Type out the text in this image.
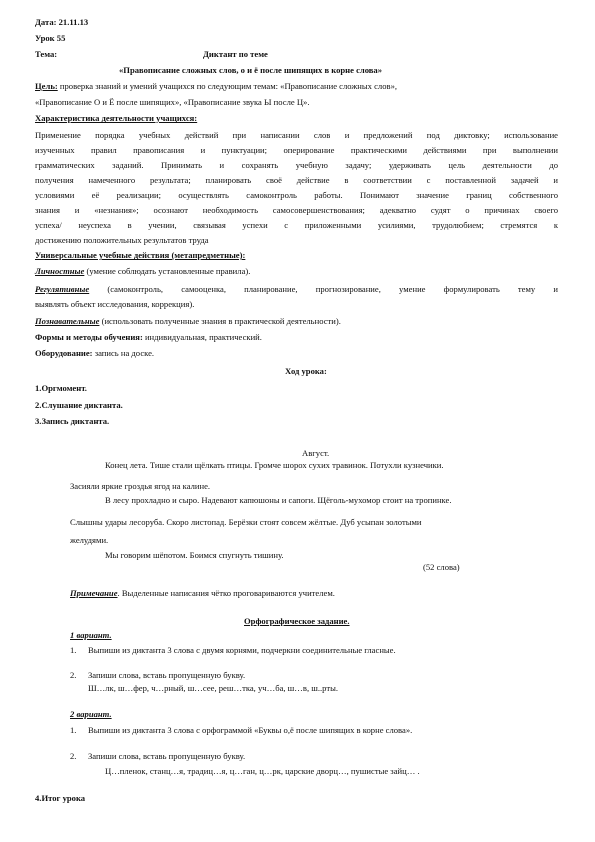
Дата: 21.11.13
Урок 55
Тема:	Диктант по теме
«Правописание сложных слов, о и ё после шипящих в корне слова»
Цель: проверка знаний и умений учащихся по следующим темам: «Правописание сложных слов»,
«Правописание О и Ё после шипящих», «Правописание звука Ы после Ц».
Характеристика деятельности учащихся:
Применение порядка учебных действий при написании слов и предложений под диктовку; использование
изученных правил правописания и пунктуации; оперирование практическими действиями при выполнении
грамматических заданий. Принимать и сохранять учебную задачу; удерживать цель деятельности до
получения намеченного результата; планировать своё действие в соответствии с поставленной задачей и
условиями её реализации; осуществлять самоконтроль работы. Понимают значение границ собственного
знания и «незнания»; осознают необходимость самосовершенствования; адекватно судят о причинах своего
успеха/ неуспеха в учении, связывая успехи с приложенными усилиями, трудолюбием; стремятся к
достижению положительных результатов труда
Универсальные учебные действия (метапредметные):
Личностные (умение соблюдать установленные правила).
Регулятивные (самоконтроль, самооценка, планирование, прогнозирование, умение формулировать тему и
выявлять объект исследования, коррекция).
Познавательные (использовать полученные знания в практической деятельности).
Формы и методы обучения: индивидуальная, практический.
Оборудование: запись на доске.
Ход урока:
1.Оргмомент.
2.Слушание диктанта.
3.Запись диктанта.
Август.
Конец лета. Тише стали щёлкать птицы. Громче шорох сухих травинок. Потухли кузнечики.
Засияли яркие гроздья ягод на калине.
В лесу прохладно и сыро. Надевают капюшоны и сапоги. Щёголь-мухомор стоит на тропинке.
Слышны удары лесоруба. Скоро листопад. Берёзки стоят совсем жёлтые. Дуб усыпан золотыми
желудями.
Мы говорим шёпотом. Боимся спугнуть тишину.
(52 слова)
Примечание. Выделенные написания чётко проговариваются учителем.
Орфографическое задание.
1 вариант.
1. Выпиши из диктанта 3 слова с двумя корнями, подчеркни соединительные гласные.
2. Запиши слова, вставь пропущенную букву.
Ш…лк, ш…фер, ч…рный, ш…сее, реш…тка, уч…ба, ш…в, ш..рты.
2 вариант.
1. Выпиши из диктанта 3 слова с орфограммой «Буквы о,ё после шипящих в корне слова».
2. Запиши слова, вставь пропущенную букву.
Ц…пленок, станц…я, традиц…я, ц…ган, ц…рк, царские дворц…, пушистые зайц… .
4.Итог урока
